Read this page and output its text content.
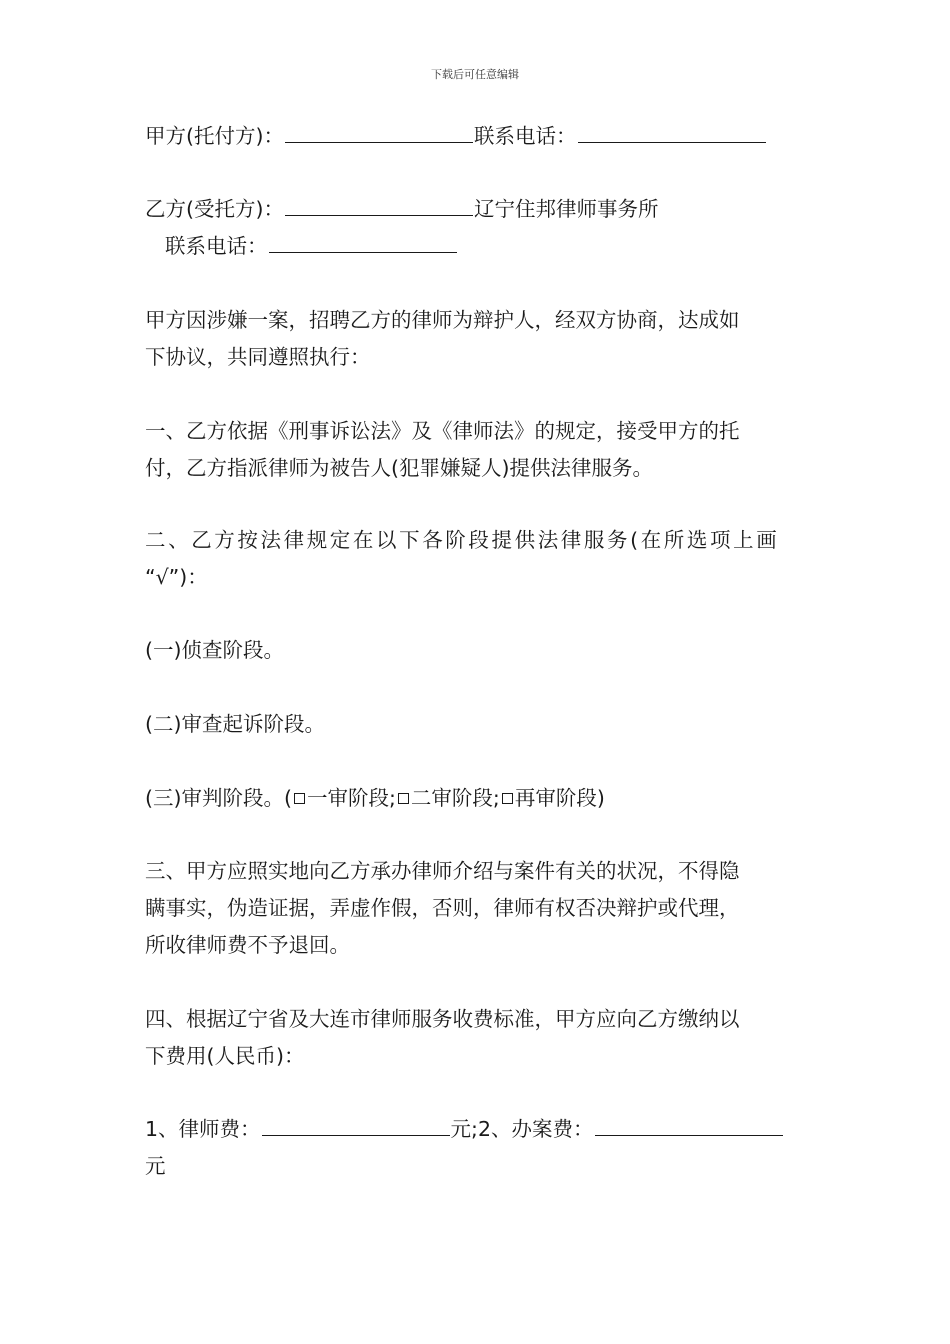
下载后可任意编辑
甲方(托付方)：	联系电话：
乙方(受托方)：	辽宁住邦律师事务所
联系电话：
甲方因涉嫌一案，招聘乙方的律师为辩护人，经双方协商，达成如
下协议，共同遵照执行：
一、乙方依据《刑事诉讼法》及《律师法》的规定，接受甲方的托
付，乙方指派律师为被告人(犯罪嫌疑人)提供法律服务。
二、乙方按法律规定在以下各阶段提供法律服务(在所选项上画
“√”)：
(一)侦查阶段。
(二)审查起诉阶段。
(三)审判阶段。( 一审阶段; 二审阶段; 再审阶段)
三、甲方应照实地向乙方承办律师介绍与案件有关的状况，不得隐
瞒事实，伪造证据，弄虚作假，否则，律师有权否决辩护或代理，
所收律师费不予退回。
四、根据辽宁省及大连市律师服务收费标准，甲方应向乙方缴纳以
下费用(人民币)：
1、律师费：	元;2、办案费：
元
